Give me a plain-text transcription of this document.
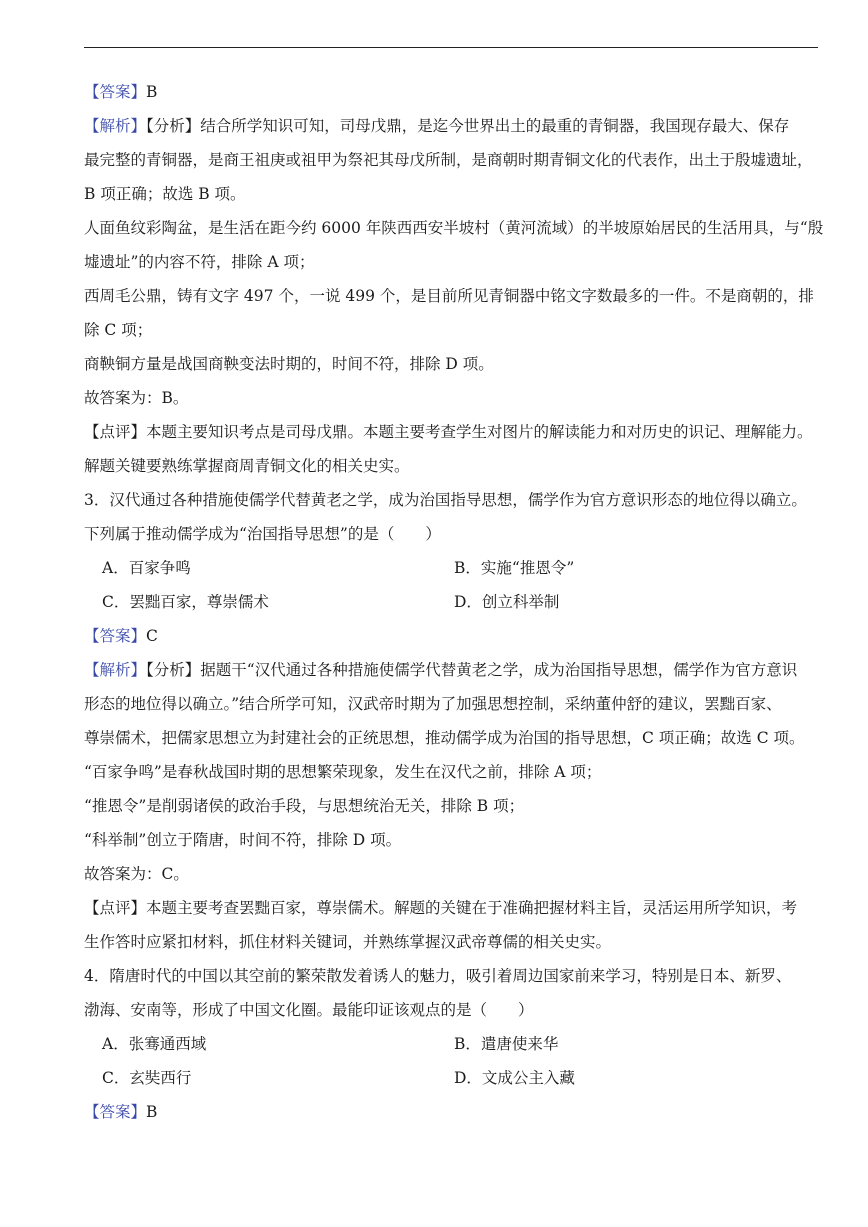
【答案】B
【解析】【分析】结合所学知识可知，司母戊鼎，是迄今世界出土的最重的青铜器，我国现存最大、保存
最完整的青铜器，是商王祖庚或祖甲为祭祀其母戊所制，是商朝时期青铜文化的代表作，出土于殷墟遗址，
B 项正确；故选 B 项。
人面鱼纹彩陶盆，是生活在距今约 6000 年陕西西安半坡村（黄河流域）的半坡原始居民的生活用具，与“殷
墟遗址”的内容不符，排除 A 项；
西周毛公鼎，铸有文字 497 个，一说 499 个，是目前所见青铜器中铭文字数最多的一件。不是商朝的，排
除 C 项；
商鞅铜方量是战国商鞅变法时期的，时间不符，排除 D 项。
故答案为：B。
【点评】本题主要知识考点是司母戊鼎。本题主要考查学生对图片的解读能力和对历史的识记、理解能力。
解题关键要熟练掌握商周青铜文化的相关史实。
3．汉代通过各种措施使儒学代替黄老之学，成为治国指导思想，儒学作为官方意识形态的地位得以确立。
下列属于推动儒学成为“治国指导思想”的是（　　）
A．百家争鸣	B．实施“推恩令”
C．罢黜百家，尊崇儒术	D．创立科举制
【答案】C
【解析】【分析】据题干“汉代通过各种措施使儒学代替黄老之学，成为治国指导思想，儒学作为官方意识
形态的地位得以确立。”结合所学可知，汉武帝时期为了加强思想控制，采纳董仲舒的建议，罢黜百家、
尊崇儒术，把儒家思想立为封建社会的正统思想，推动儒学成为治国的指导思想，C 项正确；故选 C 项。
“百家争鸣”是春秋战国时期的思想繁荣现象，发生在汉代之前，排除 A 项；
“推恩令”是削弱诸侯的政治手段，与思想统治无关，排除 B 项；
“科举制”创立于隋唐，时间不符，排除 D 项。
故答案为：C。
【点评】本题主要考查罢黜百家，尊崇儒术。解题的关键在于准确把握材料主旨，灵活运用所学知识，考
生作答时应紧扣材料，抓住材料关键词，并熟练掌握汉武帝尊儒的相关史实。
4．隋唐时代的中国以其空前的繁荣散发着诱人的魅力，吸引着周边国家前来学习，特别是日本、新罗、
渤海、安南等，形成了中国文化圈。最能印证该观点的是（　　）
A．张骞通西域	B．遣唐使来华
C．玄奘西行	D．文成公主入藏
【答案】B
